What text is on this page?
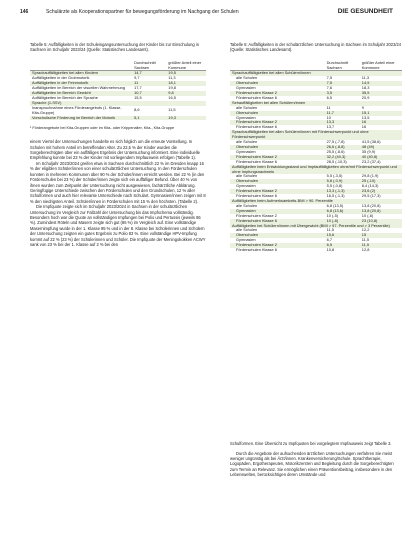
146	Schulärzte als Kooperationspartner für bewegungsförderung im Nachgang der Schulen	DIE GESUNDHEIT
Tabelle 5: Auffälligkeiten in der Schuleingangsuntersuchung der Kinder bis zur Einschulung in Sachsen im Schuljahr 2023/24 (Quelle: Statistisches Landesamt).
	Durchschnitt Sachsen	größter Anteil einer Kommune
Sprachauffälligkeiten bei allen Kindern	14,7	19,5
Auffälligkeiten in der Grobmotorik	9,7	11,3
Auffälligkeiten in der Feinmotorik	11	18,1
Auffälligkeiten im Bereich der visuellen Wahrnehmung	17,7	19,8
Auffälligkeiten im Bereich Gewicht	10,7	9,8
Auffälligkeiten im Bereich der Sprache	15,5	16,5
Sprache (1-SSV)		
Inanspruchnahme eines Förderangebots (1. Klasse, Kita-Gruppe)	8,6	11,5
Vorschulische Förderung im Bereich der Motorik	5,1	19,3
¹ Förderangebote bei Kita-Gruppen oder im Kita- oder Krippenalter, Kita-, Kita-Gruppe

einem Viertel der Untersuchungen handelte es sich folglich um die erneute Vorstellung. In Schulen mit hohem Anteil im betreffenden Alter. Zu 22,5 % der Kinder wurden die Sorgeberechtigten über ein auffälliges Ergebnis der Untersuchung informiert. Eine individuelle Empfehlung konnte bei 23 % der Kinder mit vorliegendem Impfausweis erfolgen (Tabelle 1).

Im Schuljahr 2023/2024 greifen etwa in Sachsen durchschnittlich 22 % im Dresden knapp 16 % der eligiblen Schüler/innen von einer schulärztlichen Untersuchung. In den Förderschulen konnten in mehreren Kommunen über 90 % der Schüler/innen erreicht werden. Bei 22 % (in den Förderschulen bei 23 %) der Schüler/innen zeigte sich ein auffälliger Befund. Über 40 % von ihnen wurden zum Zeitpunkt der Untersuchung nicht ausgewiesen, fachärztliche Abklärung. Geringfügige Unterschiede zwischen den Förderschulen und den Grundschulen, 12 % aller Schulformen und auch hier relevante Unterschiede nach Schulart. Gymnasien/innen zeigen mit 8 % den niedrigsten Anteil. Schüler/innen in Förderschulen mit 15 % den höchsten. (Tabelle 2).

Die Impfquote zeigte sich im Schuljahr 2023/2024 in Sachsen in der schulärztlichen Untersuchung im Vergleich zur Fallzahl der Untersuchung bis das Impfschema vollständig. Besonders hoch war die Quote an vollständigen Impfungen bei Polio und Pertussis (jeweils 86 %). Zumindest Röteln und Masern zeigte sich gut (86 %) im Vergleich auf. Eine vollständige Masernimpfung wurde in der 1. Klasse 95 % und in der 8. Klasse bei Schülerinnen und Schülern der Untersuchung zeigten ein gutes Ergebnis zu Polio 83 %. Eine vollständige HPV-Impfung kommt auf 22 % (23 %) der Schülerinnen und Schüler. Die Impfquote der Meningokokken ACWY sank von 23 % bei der 1. Klasse auf 2 % bei den

Tabelle 6: Auffälligkeiten in der schulärztlichen Untersuchung in Sachsen im Schuljahr 2023/24 (Quelle: Statistisches Landesamt).
	Durchschnitt Sachsen	größter Anteil einer Kommune
Sprachauffälligkeiten bei allen Schülern/innen		
alle Schulen	7,5	11,3
Oberschulen	7,5	14,5
Gymnasien	7,6	18,3
Förderschulen Klasse 2	3,5	35,5
Förderschulen Klasse 6	6,5	20,9
Sehauffälligkeiten bei allen Schülern/innen		
alle Schulen	11	9
Oberschulen	11,7	15,1
Gymnasien	10	13,5
Förderschulen Klasse 2	13,3	16
Förderschulen Klasse 6	13,7	16
Sprachauffälligkeiten bei allen Schülern/innen mit Förderschwerpunkt und ohne Förderschwerpunkt		
alle Schulen	27,5 (-7,8)	41,5 (38,6)
Oberschulen	26,6 (-8,8)	48 (49)
Gymnasien	25,5 (-8,6)	35 (9,9)
Förderschulen Klasse 2	32,2 (40,3)	40 (40,8)
Förderschulen Klasse 6	28,5 (-10,3)	23,2 (37,4)
Auffälligkeiten beim Entwicklungsstand und Impfauffälligkeiten ohne/mit Förderschwerpunkt und ohne Impfungsnachweis		
alle Schulen	5,5 (-3,5)	29,8 (1,9)
Oberschulen	5,8 (-0,9)	25 (-10)
Gymnasien	5,5 (-0,8)	8,4 (14,3)
Förderschulen Klasse 2	13,3 (-1,3)	23,6 (2)
Förderschulen Klasse 6	16,5 (-1,3)	29,5 (17,3)
Auffälligkeiten beim Aufmerksamkeits-BMI > 90. Perzentile		
alle Schulen	6,8 (13,5)	13,8 (20,8)
Gymnasien	6,8 (13,6)	13,8 (20,8)
Förderschulen Klasse 2	10 (-5)	10 (-6)
Förderschulen Klasse 6	10 (-8)	23 (10,8)
Auffälligkeiten bei Schülern/innen mit Übergewicht (BMI > 97. Perzentile und > 3 Perzentile)		
alle Schulen	11,5	12,2
Oberschulen	15,6	15
Gymnasien	6,7	11,5
Förderschulen Klasse 2	6,5	11,5
Förderschulen Klasse 6	10,8	12,8

Schulformen. Eine Übersicht zu Impfquoten bei vorgelegtem Impfausweis zeigt Tabelle 3.

Durch die Angebote der aufsuchenden ärztlichen Untersuchungen verfahren Sie meist weniger ungünstig als bei Ärzt/innen. Krankenversicherung/Schule. Sprachtherapie, Logopäden, Ergotherapeuten, Motorikzentren und Begleitung durch die Sorgeberechtigten zum Termin an Relevanz. Sie ermöglichen einen Präventionsbeitrag, insbesondere in den Lebenswelten, berücksichtigen deren Umstände und
